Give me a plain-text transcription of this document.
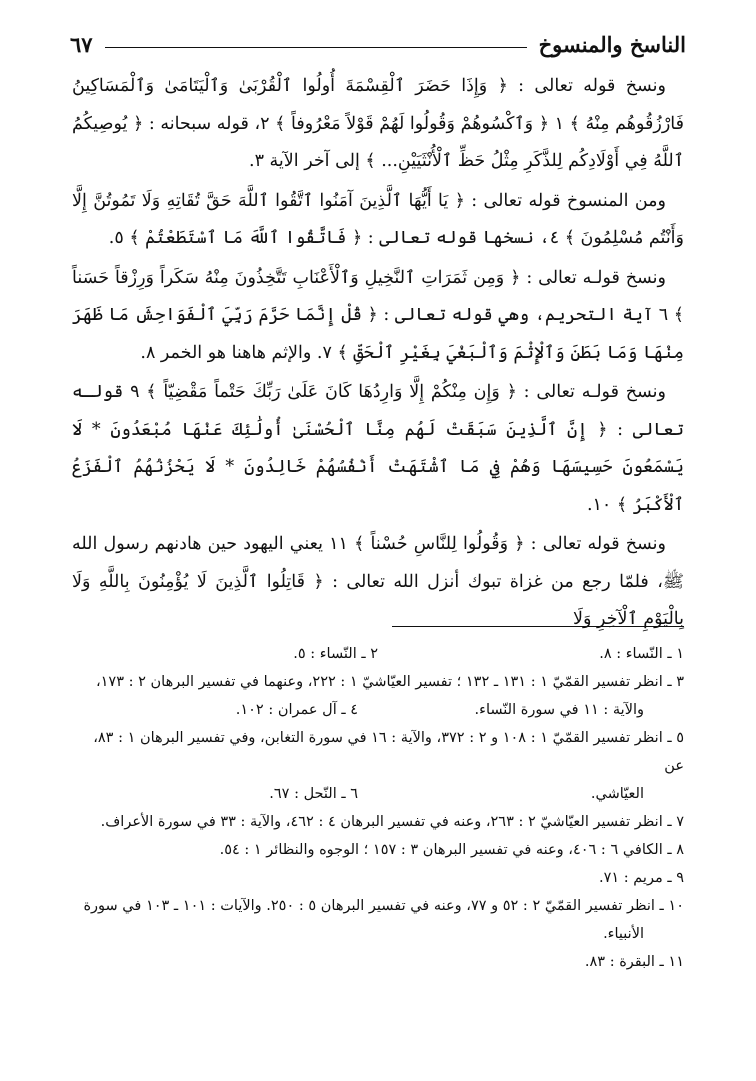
الناسخ والمنسوخ
٦٧

ونسخ قوله تعالى : ﴿ وَإِذَا حَضَرَ ٱلْقِسْمَةَ أُولُوا ٱلْقُرْبَىٰ وَٱلْيَتَامَىٰ وَٱلْمَسَاكِينُ فَارْزُقُوهُم مِنْهُ ﴾ ١ ﴿ وَٱكْسُوهُمْ وَقُولُوا لَهُمْ قَوْلاً مَعْرُوفاً ﴾ ٢، قوله سبحانه : ﴿ يُوصِيكُمُ ٱللَّهُ فِي أَوْلَادِكُم لِلذَّكَرِ مِثْلُ حَظِّ ٱلْأُنْثَيَيْنِ... ﴾ إلى آخر الآية ٣.

ومن المنسوخ قوله تعالى : ﴿ يَا أَيُّهَا ٱلَّذِينَ آمَنُوا ٱتَّقُوا ٱللَّهَ حَقَّ تُقَاتِهِ وَلَا تَمُوتُنَّ إِلَّا وَأَنْتُم مُسْلِمُونَ ﴾ ٤، نسخها قوله تعالى : ﴿ فَاتَّقُوا ٱللَّهَ مَا ٱسْتَطَعْتُمْ ﴾ ٥.

ونسخ قولـه تعالى : ﴿ وَمِن ثَمَرَاتِ ٱلنَّخِيلِ وَٱلْأَعْنَابِ تَتَّخِذُونَ مِنْهُ سَكَراً وَرِزْقاً حَسَناً ﴾ ٦ آية التحريم، وهي قوله تعالى : ﴿ قُلْ إِنَّمَا حَرَّمَ رَبِّيَ ٱلْفَوَاحِشَ مَا ظَهَرَ مِنْهَا وَمَا بَطَنَ وَٱلْإِثْمَ وَٱلْبَغْيَ بِغَيْرِ ٱلْحَقِّ ﴾ ٧. والإثم هاهنا هو الخمر ٨.

ونسخ قولـه تعالى : ﴿ وَإِن مِنْكُمْ إِلَّا وَارِدُهَا كَانَ عَلَىٰ رَبِّكَ حَتْماً مَقْضِيّاً ﴾ ٩ قولـه تعالى : ﴿ إِنَّ ٱلَّذِينَ سَبَقَتْ لَهُم مِنَّا ٱلْحُسْنَىٰ أُولَٰئِكَ عَنْهَا مُبْعَدُونَ * لَا يَسْمَعُونَ حَسِيسَهَا وَهُمْ فِي مَا ٱشْتَهَتْ أَنْفُسُهُمْ خَالِدُونَ * لَا يَحْزُنُهُمُ ٱلْفَزَعُ ٱلْأَكْبَرُ ﴾ ١٠.

ونسخ قوله تعالى : ﴿ وَقُولُوا لِلنَّاسِ حُسْناً ﴾ ١١ يعني اليهود حين هادنهم رسول الله ﷺ، فلمّا رجع من غزاة تبوك أنزل الله تعالى : ﴿ قَاتِلُوا ٱلَّذِينَ لَا يُؤْمِنُونَ بِاللَّهِ وَلَا بِالْيَوْمِ ٱلْآخِرِ وَلَا

١ ـ النّساء : ٨.

٢ ـ النّساء : ٥.

٣ ـ انظر تفسير القمّيّ ١ : ١٣١ ـ ١٣٢ ؛ تفسير العيّاشيّ ١ : ٢٢٢، وعنهما في تفسير البرهان ٢ : ١٧٣،

والآية : ١١ في سورة النّساء.

٤ ـ آل عمران : ١٠٢.

٥ ـ انظر تفسير القمّيّ ١ : ١٠٨ و ٢ : ٣٧٢، والآية : ١٦ في سورة التغابن، وفي تفسير البرهان ١ : ٨٣، عن

العيّاشي.

٦ ـ النّحل : ٦٧.

٧ ـ انظر تفسير العيّاشيّ ٢ : ٢٦٣، وعنه في تفسير البرهان ٤ : ٤٦٢، والآية : ٣٣ في سورة الأعراف.

٨ ـ الكافي ٦ : ٤٠٦، وعنه في تفسير البرهان ٣ : ١٥٧ ؛ الوجوه والنظائر ١ : ٥٤.

٩ ـ مريم : ٧١.

١٠ ـ انظر تفسير القمّيّ ٢ : ٥٢ و ٧٧، وعنه في تفسير البرهان ٥ : ٢٥٠. والآيات : ١٠١ ـ ١٠٣ في سورة

الأنبياء.

١١ ـ البقرة : ٨٣.
